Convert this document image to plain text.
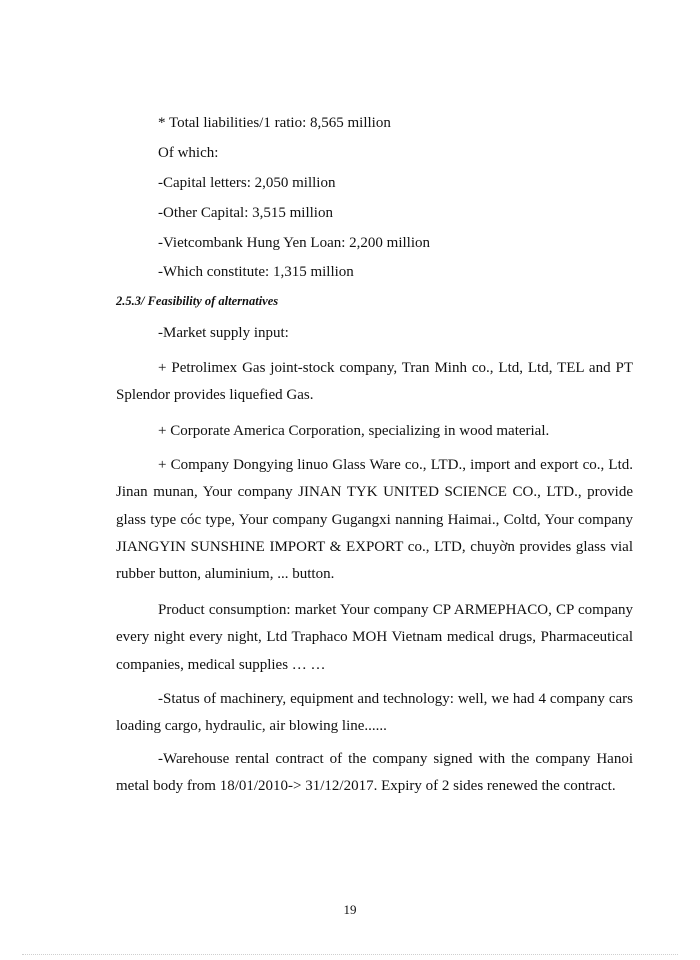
* Total liabilities/1 ratio: 8,565 million

Of which:

-Capital letters: 2,050 million

-Other Capital: 3,515 million

-Vietcombank Hung Yen Loan: 2,200 million

-Which constitute: 1,315 million

2.5.3/ Feasibility of alternatives

-Market supply input:

+ Petrolimex Gas joint-stock company, Tran Minh co., Ltd, Ltd, TEL and PT Splendor provides liquefied Gas.

+ Corporate America Corporation, specializing in wood material.

+ Company Dongying linuo Glass Ware co., LTD., import and export co., Ltd. Jinan munan, Your company JINAN TYK UNITED SCIENCE CO., LTD., provide glass type cóc type, Your company Gugangxi nanning Haimai., Coltd, Your company JIANGYIN SUNSHINE IMPORT & EXPORT co., LTD, chuyờn provides glass vial rubber button, aluminium, ... button.

Product consumption: market Your company CP ARMEPHACO, CP company every night every night, Ltd Traphaco MOH Vietnam medical drugs, Pharmaceutical companies, medical supplies … …

-Status of machinery, equipment and technology: well, we had 4 company cars loading cargo, hydraulic, air blowing line......

-Warehouse rental contract of the company signed with the company Hanoi metal body from 18/01/2010-> 31/12/2017. Expiry of 2 sides renewed the contract.

19
